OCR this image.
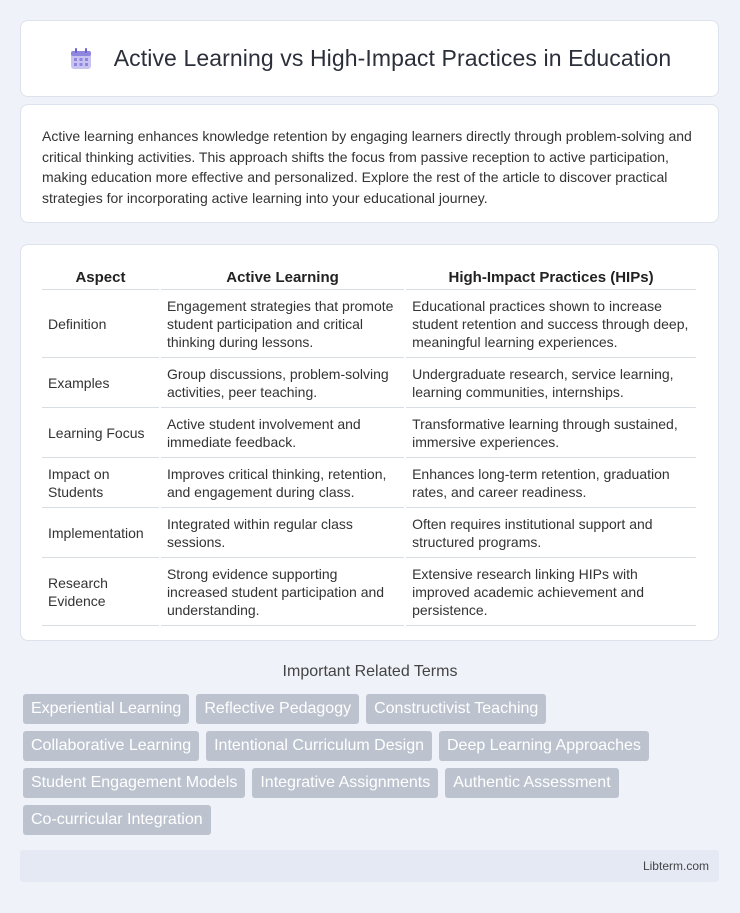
Active Learning vs High-Impact Practices in Education

Active learning enhances knowledge retention by engaging learners directly through problem-solving and critical thinking activities. This approach shifts the focus from passive reception to active participation, making education more effective and personalized. Explore the rest of the article to discover practical strategies for incorporating active learning into your educational journey.

Aspect	Active Learning	High-Impact Practices (HIPs)
Definition	Engagement strategies that promote student participation and critical thinking during lessons.	Educational practices shown to increase student retention and success through deep, meaningful learning experiences.
Examples	Group discussions, problem-solving activities, peer teaching.	Undergraduate research, service learning, learning communities, internships.
Learning Focus	Active student involvement and immediate feedback.	Transformative learning through sustained, immersive experiences.
Impact on Students	Improves critical thinking, retention, and engagement during class.	Enhances long-term retention, graduation rates, and career readiness.
Implementation	Integrated within regular class sessions.	Often requires institutional support and structured programs.
Research Evidence	Strong evidence supporting increased student participation and understanding.	Extensive research linking HIPs with improved academic achievement and persistence.
Important Related Terms
Experiential Learning	Reflective Pedagogy	Constructivist Teaching
Collaborative Learning	Intentional Curriculum Design	Deep Learning Approaches
Student Engagement Models	Integrative Assignments	Authentic Assessment
Co-curricular Integration
Libterm.com
